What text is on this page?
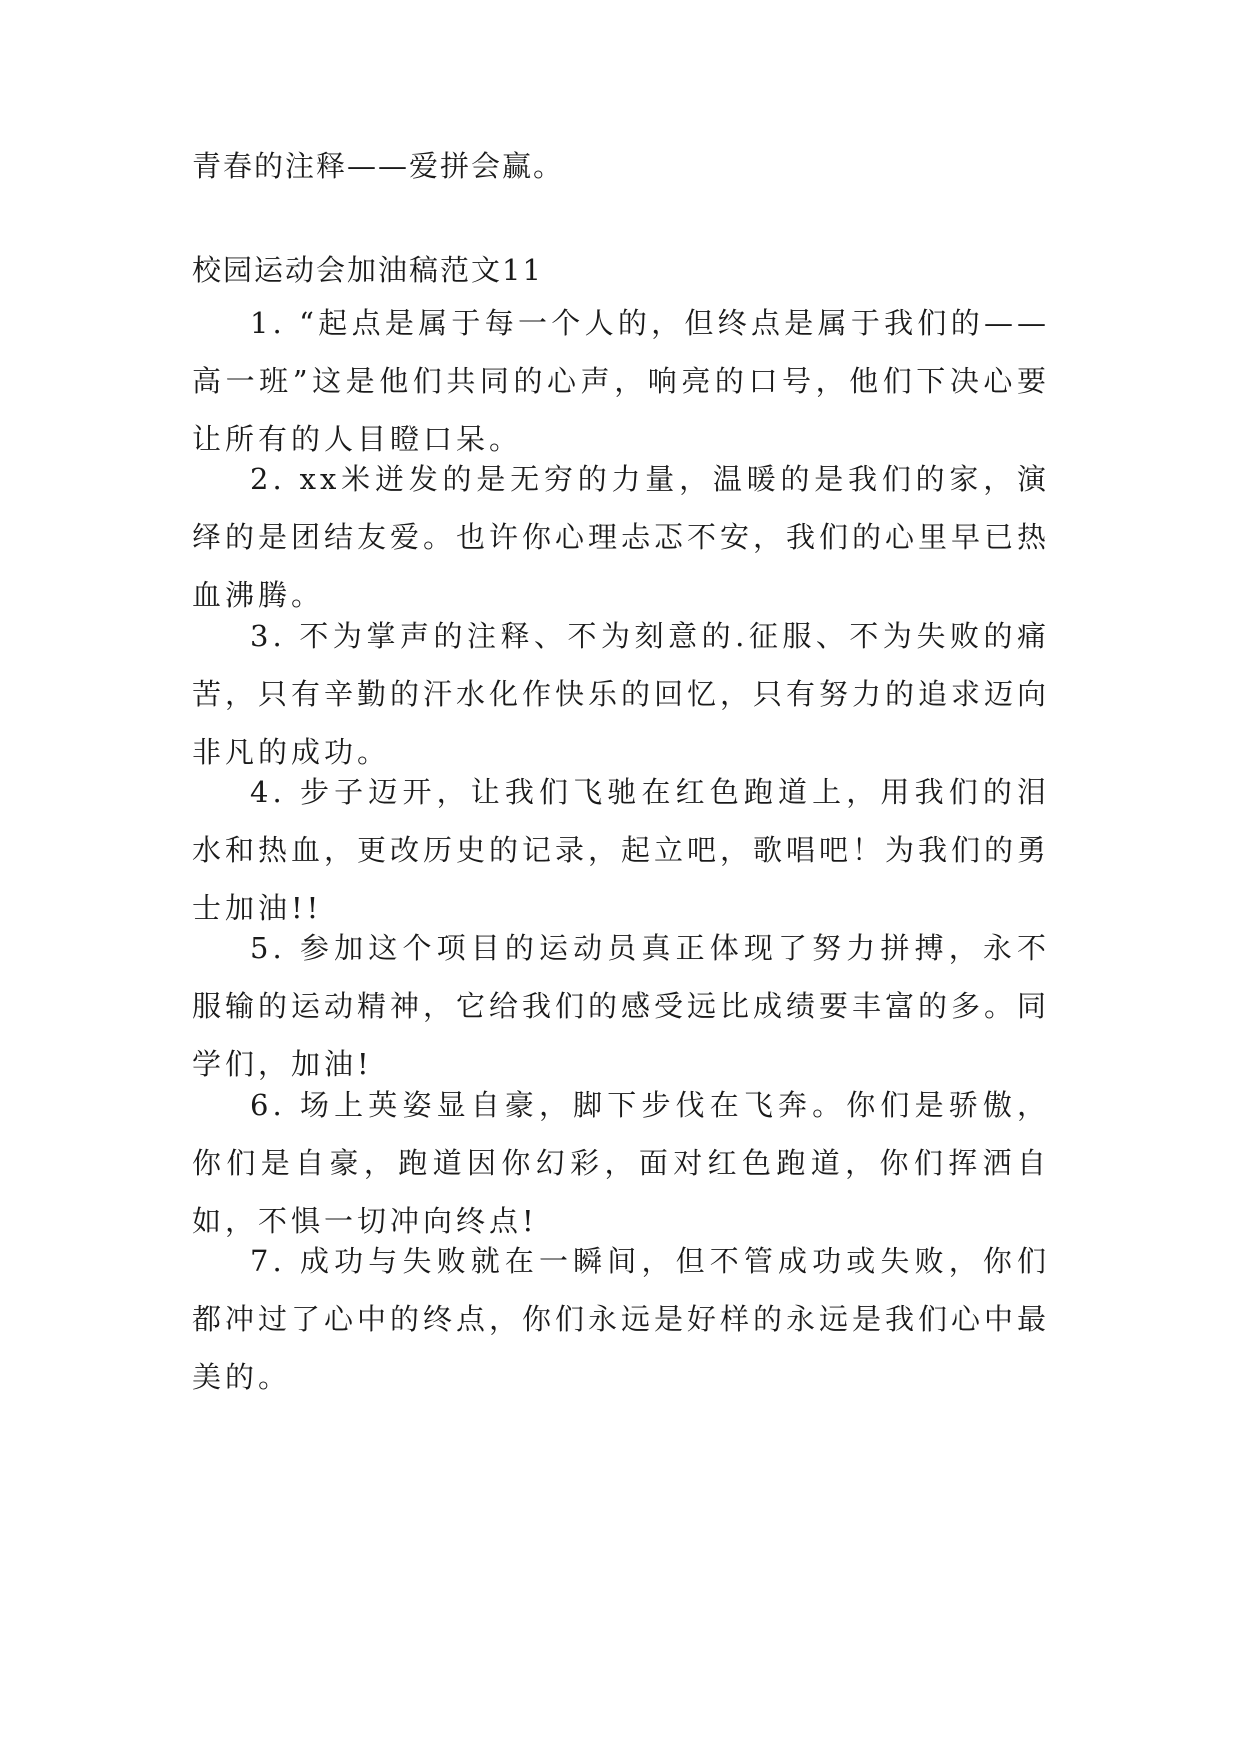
青春的注释——爱拼会赢。

校园运动会加油稿范文11

1. “起点是属于每一个人的，但终点是属于我们的——高一班”这是他们共同的心声，响亮的口号，他们下决心要让所有的人目瞪口呆。

2. xx米迸发的是无穷的力量，温暖的是我们的家，演绎的是团结友爱。也许你心理忐忑不安，我们的心里早已热血沸腾。

3. 不为掌声的注释、不为刻意的.征服、不为失败的痛苦，只有辛勤的汗水化作快乐的回忆，只有努力的追求迈向非凡的成功。

4. 步子迈开，让我们飞驰在红色跑道上，用我们的泪水和热血，更改历史的记录，起立吧，歌唱吧！为我们的勇士加油!!

5. 参加这个项目的运动员真正体现了努力拼搏，永不服输的运动精神，它给我们的感受远比成绩要丰富的多。同学们，加油!

6. 场上英姿显自豪，脚下步伐在飞奔。你们是骄傲，你们是自豪，跑道因你幻彩，面对红色跑道，你们挥洒自如，不惧一切冲向终点!

7. 成功与失败就在一瞬间，但不管成功或失败，你们都冲过了心中的终点，你们永远是好样的永远是我们心中最美的。
